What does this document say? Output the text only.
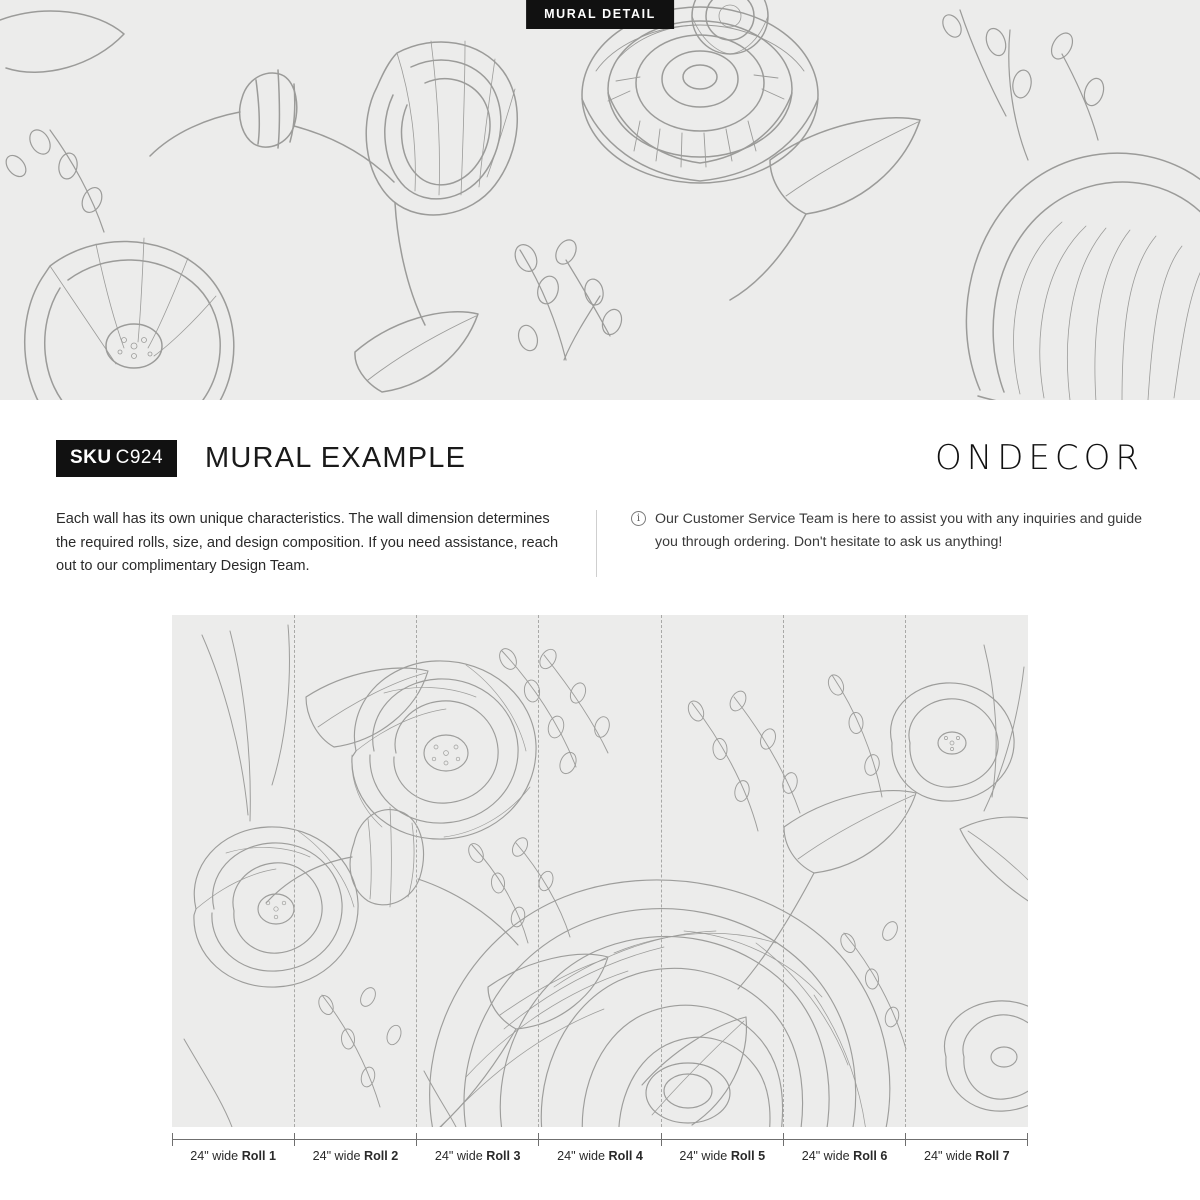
MURAL DETAIL
SKU C924	MURAL EXAMPLE	ONDECOR
Each wall has its own unique characteristics. The wall dimension determines the required rolls, size, and design composition. If you need assistance, reach out to our complimentary Design Team.
i	Our Customer Service Team is here to assist you with any inquiries and guide you through ordering. Don't hesitate to ask us anything!
24" wide Roll 1	24" wide Roll 2	24" wide Roll 3	24" wide Roll 4	24" wide Roll 5	24" wide Roll 6	24" wide Roll 7
